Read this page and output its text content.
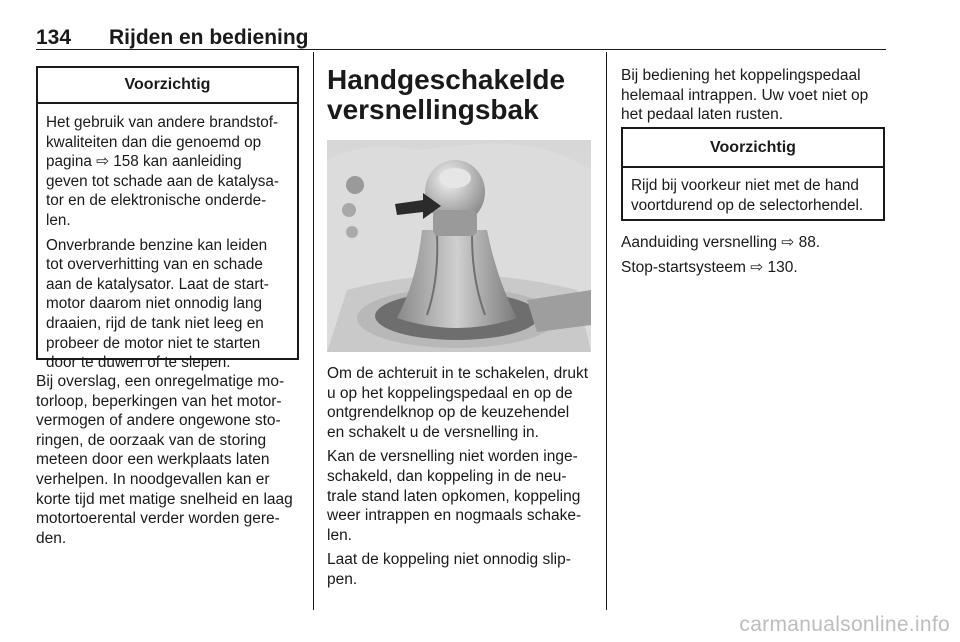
134 Rijden en bediening
Voorzichtig

Het gebruik van andere brandstof-
kwaliteiten dan die genoemd op
pagina ⇨ 158 kan aanleiding
geven tot schade aan de katalysa-
tor en de elektronische onderde-
len.

Onverbrande benzine kan leiden
tot oververhitting van en schade
aan de katalysator. Laat de start-
motor daarom niet onnodig lang
draaien, rijd de tank niet leeg en
probeer de motor niet te starten
door te duwen of te slepen.

Bij overslag, een onregelmatige mo-
torloop, beperkingen van het motor-
vermogen of andere ongewone sto-
ringen, de oorzaak van de storing
meteen door een werkplaats laten
verhelpen. In noodgevallen kan er
korte tijd met matige snelheid en laag
motortoerental verder worden gere-
den.
Handgeschakelde
versnellingsbak

Om de achteruit in te schakelen, drukt
u op het koppelingspedaal en op de
ontgrendelknop op de keuzehendel
en schakelt u de versnelling in.

Kan de versnelling niet worden inge-
schakeld, dan koppeling in de neu-
trale stand laten opkomen, koppeling
weer intrappen en nogmaals schake-
len.

Laat de koppeling niet onnodig slip-
pen.

Bij bediening het koppelingspedaal
helemaal intrappen. Uw voet niet op
het pedaal laten rusten.
Voorzichtig
Rijd bij voorkeur niet met de hand
voortdurend op de selectorhendel.

Aanduiding versnelling ⇨ 88.

Stop-startsysteem ⇨ 130.

carmanualsonline.info
